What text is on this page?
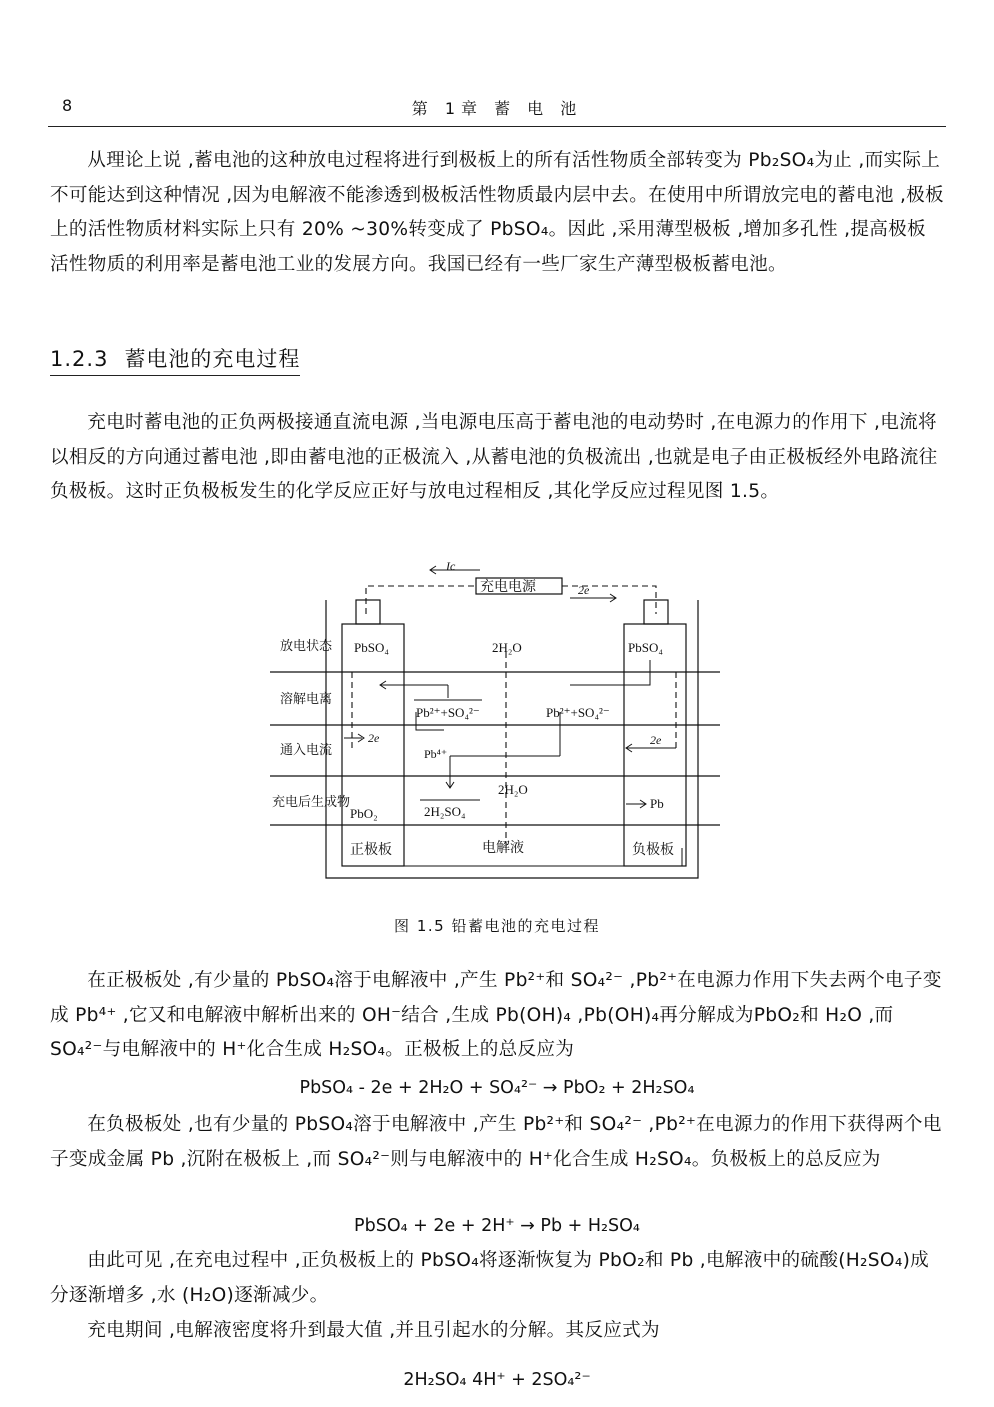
8	第 1章 蓄 电 池

从理论上说 ,蓄电池的这种放电过程将进行到极板上的所有活性物质全部转变为 Pb₂SO₄为止 ,而实际上不可能达到这种情况 ,因为电解液不能渗透到极板活性物质最内层中去。在使用中所谓放完电的蓄电池 ,极板上的活性物质材料实际上只有 20% ~30%转变成了 PbSO₄。因此 ,采用薄型极板 ,增加多孔性 ,提高极板活性物质的利用率是蓄电池工业的发展方向。我国已经有一些厂家生产薄型极板蓄电池。

1.2.3 蓄电池的充电过程

充电时蓄电池的正负两极接通直流电源 ,当电源电压高于蓄电池的电动势时 ,在电源力的作用下 ,电流将以相反的方向通过蓄电池 ,即由蓄电池的正极流入 ,从蓄电池的负极流出 ,也就是电子由正极板经外电路流往负极板。这时正负极板发生的化学反应正好与放电过程相反 ,其化学反应过程见图 1.5。

充电电源
Ic
2e
放电状态
溶解电离
通入电流
充电后生成物
PbSO₄	PbSO₄
2H₂O
Pb²⁺+SO₄²⁻	Pb²⁺+SO₄²⁻
Pb⁴⁺
2H₂O
2H₂SO₄
PbO₂
Pb
2e	2e
正极板	电解液	负极板
图 1.5 铅蓄电池的充电过程

在正极板处 ,有少量的 PbSO₄溶于电解液中 ,产生 Pb²⁺和 SO₄²⁻ ,Pb²⁺在电源力作用下失去两个电子变成 Pb⁴⁺ ,它又和电解液中解析出来的 OH⁻结合 ,生成 Pb(OH)₄ ,Pb(OH)₄再分解成为PbO₂和 H₂O ,而 SO₄²⁻与电解液中的 H⁺化合生成 H₂SO₄。正极板上的总反应为

PbSO₄ - 2e + 2H₂O + SO₄²⁻ → PbO₂ + 2H₂SO₄

在负极板处 ,也有少量的 PbSO₄溶于电解液中 ,产生 Pb²⁺和 SO₄²⁻ ,Pb²⁺在电源力的作用下获得两个电子变成金属 Pb ,沉附在极板上 ,而 SO₄²⁻则与电解液中的 H⁺化合生成 H₂SO₄。负极板上的总反应为

PbSO₄ + 2e + 2H⁺ → Pb + H₂SO₄

由此可见 ,在充电过程中 ,正负极板上的 PbSO₄将逐渐恢复为 PbO₂和 Pb ,电解液中的硫酸(H₂SO₄)成分逐渐增多 ,水 (H₂O)逐渐减少。

充电期间 ,电解液密度将升到最大值 ,并且引起水的分解。其反应式为

2H₂SO₄ 4H⁺ + 2SO₄²⁻
